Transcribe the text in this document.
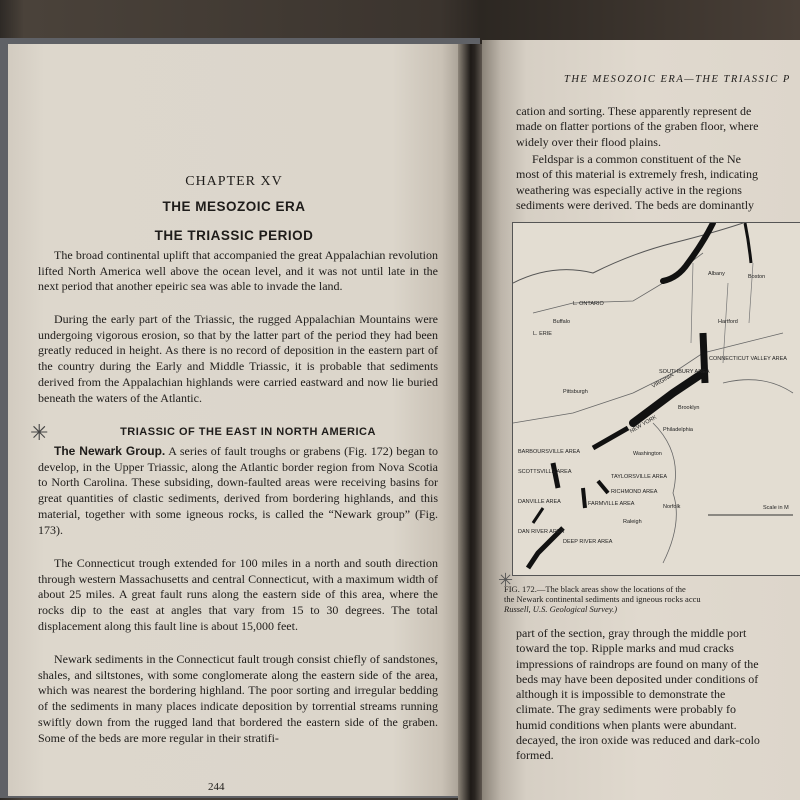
CHAPTER XV
THE MESOZOIC ERA
THE TRIASSIC PERIOD
The broad continental uplift that accompanied the great Appalachian revolution lifted North America well above the ocean level, and it was not until late in the next period that another epeiric sea was able to invade the land.
During the early part of the Triassic, the rugged Appalachian Mountains were undergoing vigorous erosion, so that by the latter part of the period they had been greatly reduced in height. As there is no record of deposition in the eastern part of the country during the Early and Middle Triassic, it is probable that sediments derived from the Appalachian highlands were carried eastward and now lie buried beneath the waters of the Atlantic.
✳	TRIASSIC OF THE EAST IN NORTH AMERICA
The Newark Group. A series of fault troughs or grabens (Fig. 172) began to develop, in the Upper Triassic, along the Atlantic border region from Nova Scotia to North Carolina. These subsiding, down-faulted areas were receiving basins for great quantities of clastic sediments, derived from bordering highlands, and this material, together with some igneous rocks, is called the “Newark group” (Fig. 173).
The Connecticut trough extended for 100 miles in a north and south direction through western Massachusetts and central Connecticut, with a maximum width of about 25 miles. A great fault runs along the eastern side of this area, where the rocks dip to the east at angles that vary from 15 to 30 degrees. The total displacement along this fault line is about 15,000 feet.
Newark sediments in the Connecticut fault trough consist chiefly of sandstones, shales, and siltstones, with some conglomerate along the eastern side of the area, which was nearest the bordering highland. The poor sorting and irregular bedding of the sediments in many places indicate deposition by torrential streams running swiftly down from the rugged land that bordered the eastern side of the graben. Some of the beds are more regular in their stratifi-
244
THE MESOZOIC ERA—THE TRIASSIC P
cation and sorting. These apparently represent de
made on flatter portions of the graben floor, where
widely over their flood plains.
Feldspar is a common constituent of the Ne
most of this material is extremely fresh, indicating
weathering was especially active in the regions
sediments were derived. The beds are dominantly
L. ONTARIO
L. ERIE
NEW YORK
VIRGINIA
CONNECTICUT VALLEY AREA
SOUTHBURY AREA
TAYLORSVILLE AREA
RICHMOND AREA
FARMVILLE AREA
DANVILLE AREA
SCOTTSVILLE AREA
BARBOURSVILLE AREA
DAN RIVER AREA
DEEP RIVER AREA
Scale in M
Boston
Philadelphia
Albany
Buffalo
Pittsburgh
Washington
Raleigh
Norfolk
Brooklyn
Hartford
✳
FIG. 172.—The black areas show the locations of the
the Newark continental sediments and igneous rocks accu
Russell, U.S. Geological Survey.)
part of the section, gray through the middle port
toward the top. Ripple marks and mud cracks
impressions of raindrops are found on many of the
beds may have been deposited under conditions of
although it is impossible to demonstrate the
climate. The gray sediments were probably fo
humid conditions when plants were abundant.
decayed, the iron oxide was reduced and dark-colo
formed.
